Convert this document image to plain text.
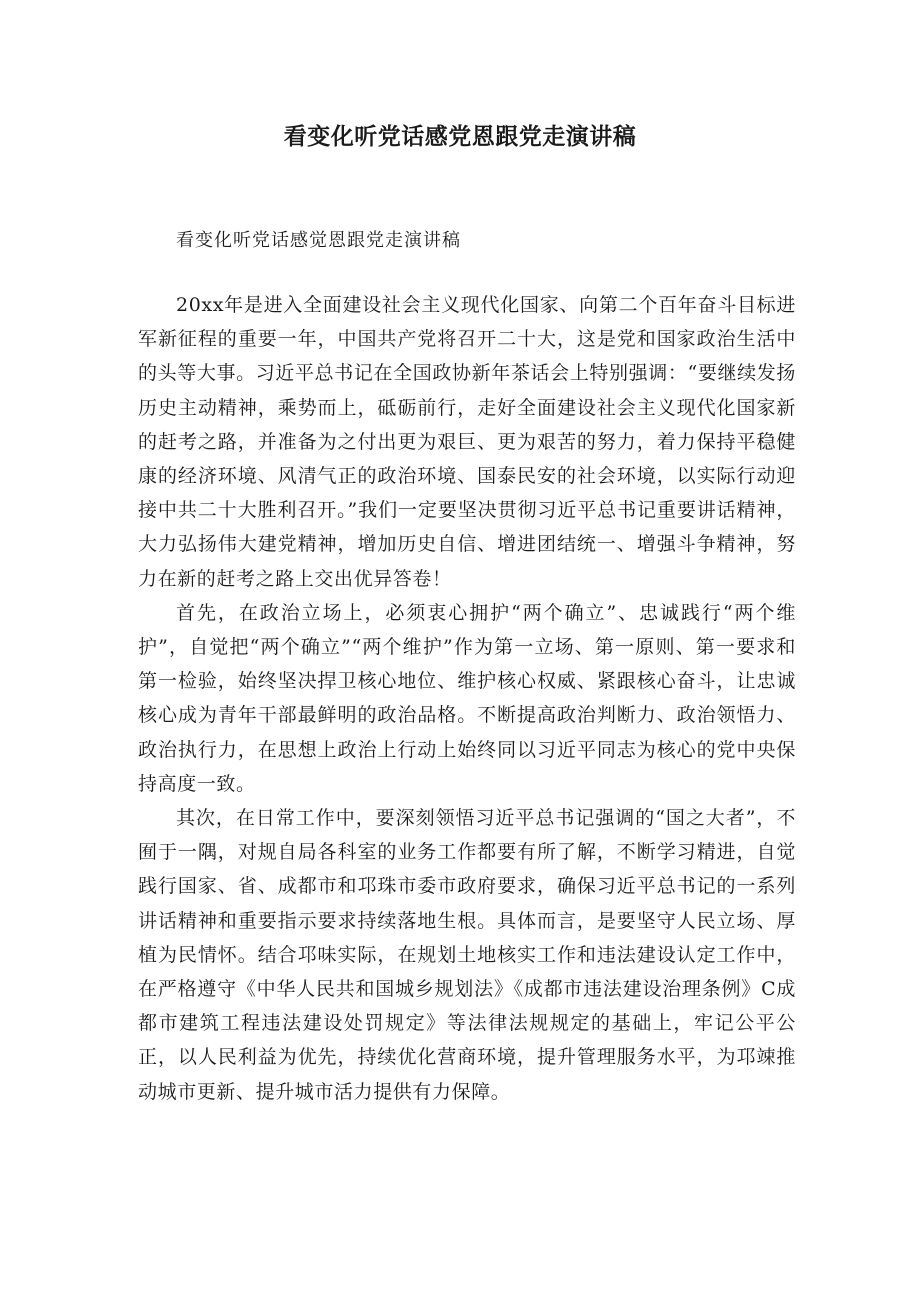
看变化听党话感党恩跟党走演讲稿

看变化听党话感觉恩跟党走演讲稿

20xx年是进入全面建设社会主义现代化国家、向第二个百年奋斗目标进军新征程的重要一年，中国共产党将召开二十大，这是党和国家政治生活中的头等大事。习近平总书记在全国政协新年茶话会上特别强调：“要继续发扬历史主动精神，乘势而上，砥砺前行，走好全面建设社会主义现代化国家新的赶考之路，并准备为之付出更为艰巨、更为艰苦的努力，着力保持平稳健康的经济环境、风清气正的政治环境、国泰民安的社会环境，以实际行动迎接中共二十大胜利召开。”我们一定要坚决贯彻习近平总书记重要讲话精神，大力弘扬伟大建党精神，增加历史自信、增进团结统一、增强斗争精神，努力在新的赶考之路上交出优异答卷！

首先，在政治立场上，必须衷心拥护“两个确立”、忠诚践行“两个维护”，自觉把“两个确立”“两个维护”作为第一立场、第一原则、第一要求和第一检验，始终坚决捍卫核心地位、维护核心权威、紧跟核心奋斗，让忠诚核心成为青年干部最鲜明的政治品格。不断提高政治判断力、政治领悟力、政治执行力，在思想上政治上行动上始终同以习近平同志为核心的党中央保持高度一致。

其次，在日常工作中，要深刻领悟习近平总书记强调的“国之大者”，不囿于一隅，对规自局各科室的业务工作都要有所了解，不断学习精进，自觉践行国家、省、成都市和邛珠市委市政府要求，确保习近平总书记的一系列讲话精神和重要指示要求持续落地生根。具体而言，是要坚守人民立场、厚植为民情怀。结合邛味实际，在规划土地核实工作和违法建设认定工作中，在严格遵守《中华人民共和国城乡规划法》《成都市违法建设治理条例》C成都市建筑工程违法建设处罚规定》等法律法规规定的基础上，牢记公平公正，以人民利益为优先，持续优化营商环境，提升管理服务水平，为邛竦推动城市更新、提升城市活力提供有力保障。
